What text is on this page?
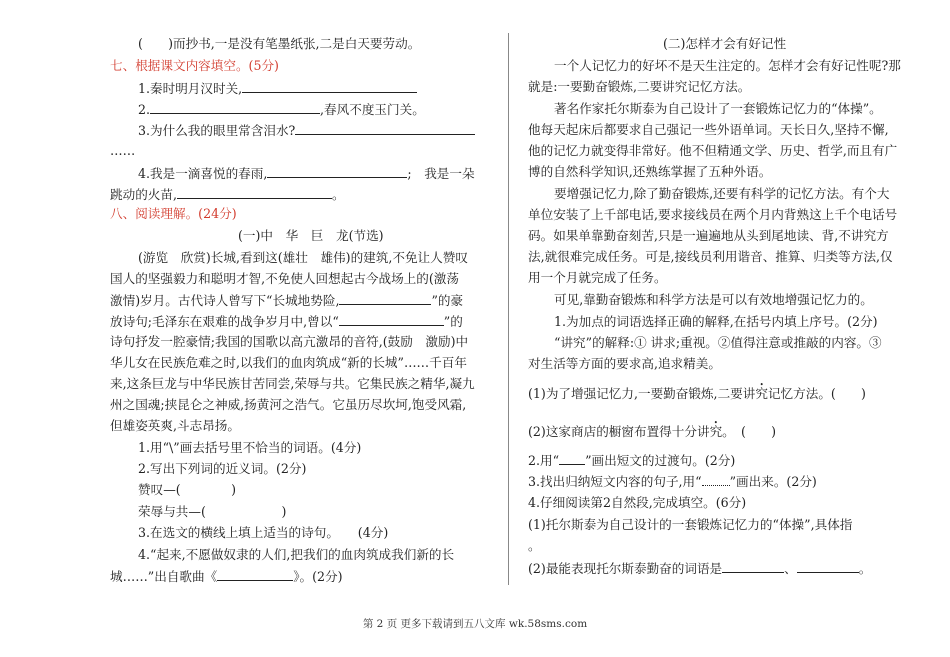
(　　)而抄书,一是没有笔墨纸张,二是白天要劳动。
七、根据课文内容填空。(5分)
1.秦时明月汉时关,
2.	,春风不度玉门关。
3.为什么我的眼里常含泪水?
……
4.我是一滴喜悦的春雨,	;　我是一朵
跳动的火苗,	。
八、阅读理解。(24分)
(一)中　华　巨　龙(节选)
(游览　欣赏)长城,看到这(雄壮　雄伟)的建筑,不免让人赞叹
国人的坚强毅力和聪明才智,不免使人回想起古今战场上的(激荡
激情)岁月。古代诗人曾写下“长城地势险,	”的豪
放诗句;毛泽东在艰难的战争岁月中,曾以“	”的
诗句抒发一腔豪情;我国的国歌以高亢激昂的音符,(鼓励　激励)中
华儿女在民族危难之时,以我们的血肉筑成“新的长城”……千百年
来,这条巨龙与中华民族甘苦同尝,荣辱与共。它集民族之精华,凝九
州之国魂;挟昆仑之神威,扬黄河之浩气。它虽历尽坎坷,饱受风霜,
但雄姿英爽,斗志昂扬。
1.用“\”画去括号里不恰当的词语。(4分)
2.写出下列词的近义词。(2分)
赞叹—(　　　　)
荣辱与共—(　　　　　　)
3.在选文的横线上填上适当的诗句。　　(4分)
4.“起来,不愿做奴隶的人们,把我们的血肉筑成我们新的长
城……”出自歌曲《	》。(2分)
(二)怎样才会有好记性
一个人记忆力的好坏不是天生注定的。怎样才会有好记性呢?那
就是:一要勤奋锻炼,二要讲究记忆方法。
著名作家托尔斯泰为自己设计了一套锻炼记忆力的“体操”。
他每天起床后都要求自己强记一些外语单词。天长日久,坚持不懈,
他的记忆力就变得非常好。他不但精通文学、历史、哲学,而且有广
博的自然科学知识,还熟练掌握了五种外语。
要增强记忆力,除了勤奋锻炼,还要有科学的记忆方法。有个大
单位安装了上千部电话,要求接线员在两个月内背熟这上千个电话号
码。如果单靠勤奋刻苦,只是一遍遍地从头到尾地读、背,不讲究方
法,就很难完成任务。可是,接线员利用谐音、推算、归类等方法,仅
用一个月就完成了任务。
可见,靠勤奋锻炼和科学方法是可以有效地增强记忆力的。
1.为加点的词语选择正确的解释,在括号内填上序号。(2分)
“讲究”的解释:① 讲求;重视。②值得注意或推敲的内容。③
对生活等方面的要求高,追求精美。
(1)为了增强记忆力,一要勤奋锻炼,二要讲究记忆方法。(　　)
(2)这家商店的橱窗布置得十分讲究。　(　　)
2.用“ ”画出短文的过渡句。(2分)
3.找出归纳短文内容的句子,用“ ”画出来。(2分)
4.仔细阅读第2自然段,完成填空。(6分)
(1)托尔斯泰为自己设计的一套锻炼记忆力的“体操”,具体指
。
(2)最能表现托尔斯泰勤奋的词语是	、	。
第 2 页 更多下载请到五八文库 wk.58sms.com
